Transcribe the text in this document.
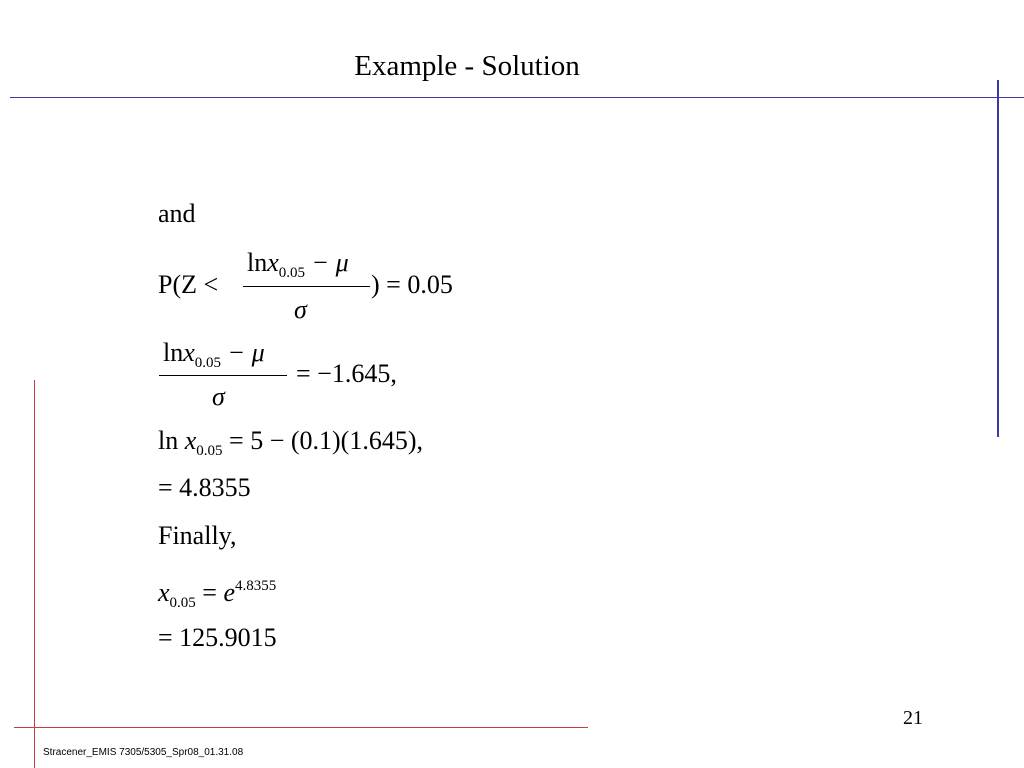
Example - Solution
and
P(Z <
lnx$_{0.05}$ − μ
σ
) = 0.05
lnx$_{0.05}$ − μ
σ
= −1.645,
$\ln x_{0.05} = 5 - (0.1)(1.645)$,
= 4.8355
Finally,
$x_{0.05} = e^{4.8355}$
= 125.9015
21
Stracener_EMIS 7305/5305_Spr08_01.31.08
